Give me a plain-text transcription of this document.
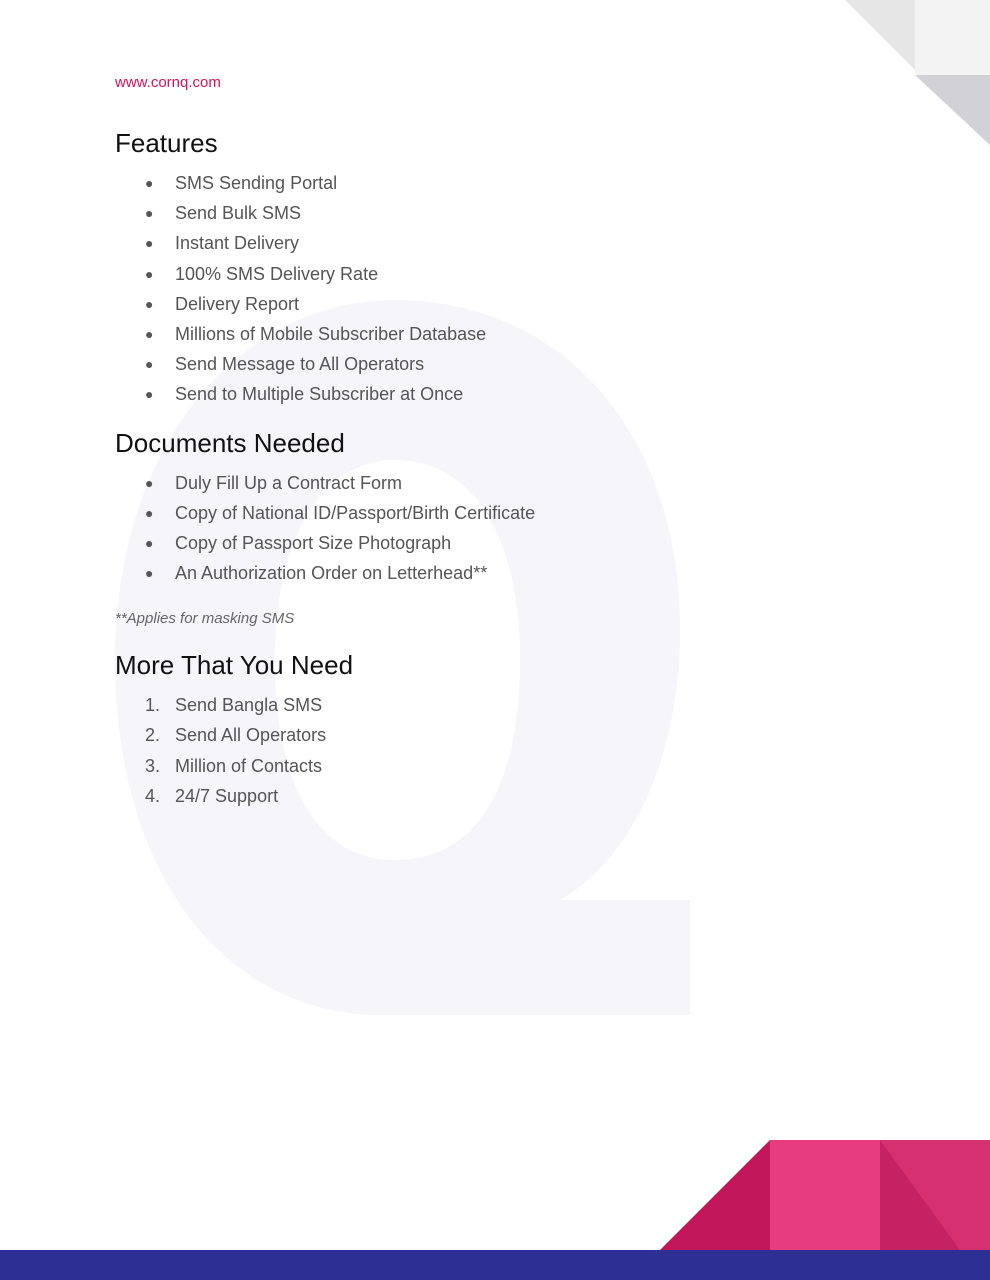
www.cornq.com
Features
● SMS Sending Portal
● Send Bulk SMS
● Instant Delivery
● 100% SMS Delivery Rate
● Delivery Report
● Millions of Mobile Subscriber Database
● Send Message to All Operators
● Send to Multiple Subscriber at Once
Documents Needed
● Duly Fill Up a Contract Form
● Copy of National ID/Passport/Birth Certificate
● Copy of Passport Size Photograph
● An Authorization Order on Letterhead**
**Applies for masking SMS
More That You Need
1. Send Bangla SMS
2. Send All Operators
3. Million of Contacts
4. 24/7 Support
